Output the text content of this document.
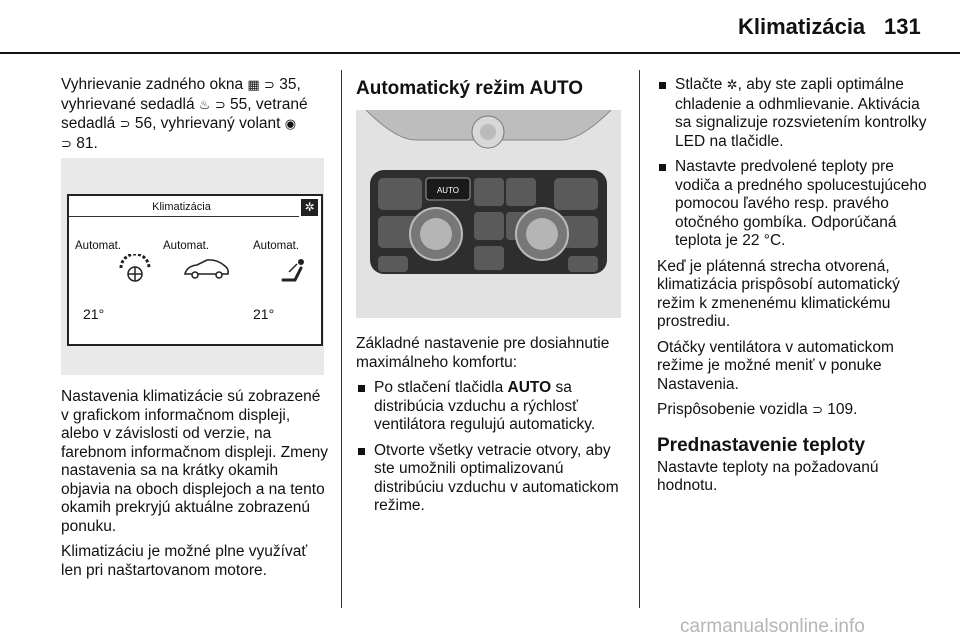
Klimatizácia 131

Vyhrievanie zadného okna ▦ ⊃ 35, vyhrievané sedadlá ♨ ⊃ 55, vetrané sedadlá ⊃ 56, vyhrievaný volant ◉
⊃ 81.

Klimatizácia	✲
Automat.	Automat.	Automat.
21°	21°

Nastavenia klimatizácie sú zobrazené v grafickom informačnom displeji, alebo v závislosti od verzie, na farebnom informačnom displeji. Zmeny nastavenia sa na krátky okamih objavia na oboch displejoch a na tento okamih prekryjú aktuálne zobrazenú ponuku.

Klimatizáciu je možné plne využívať len pri naštartovanom motore.

Automatický režim AUTO
AUTO

Základné nastavenie pre dosiahnutie maximálneho komfortu:

Po stlačení tlačidla AUTO sa distribúcia vzduchu a rýchlosť ventilátora regulujú automaticky.
Otvorte všetky vetracie otvory, aby ste umožnili optimalizovanú distribúciu vzduchu v automatickom režime.
Stlačte ✲, aby ste zapli optimálne chladenie a odhmlievanie. Aktivácia sa signalizuje rozsvietením kontrolky LED na tlačidle.
Nastavte predvolené teploty pre vodiča a predného spolucestujúceho pomocou ľavého resp. pravého otočného gombíka. Odporúčaná teplota je 22 °C.

Keď je plátenná strecha otvorená, klimatizácia prispôsobí automatický režim k zmenenému klimatickému prostrediu.

Otáčky ventilátora v automatickom režime je možné meniť v ponuke Nastavenia.

Prispôsobenie vozidla ⊃ 109.

Prednastavenie teploty

Nastavte teploty na požadovanú hodnotu.

carmanualsonline.info
